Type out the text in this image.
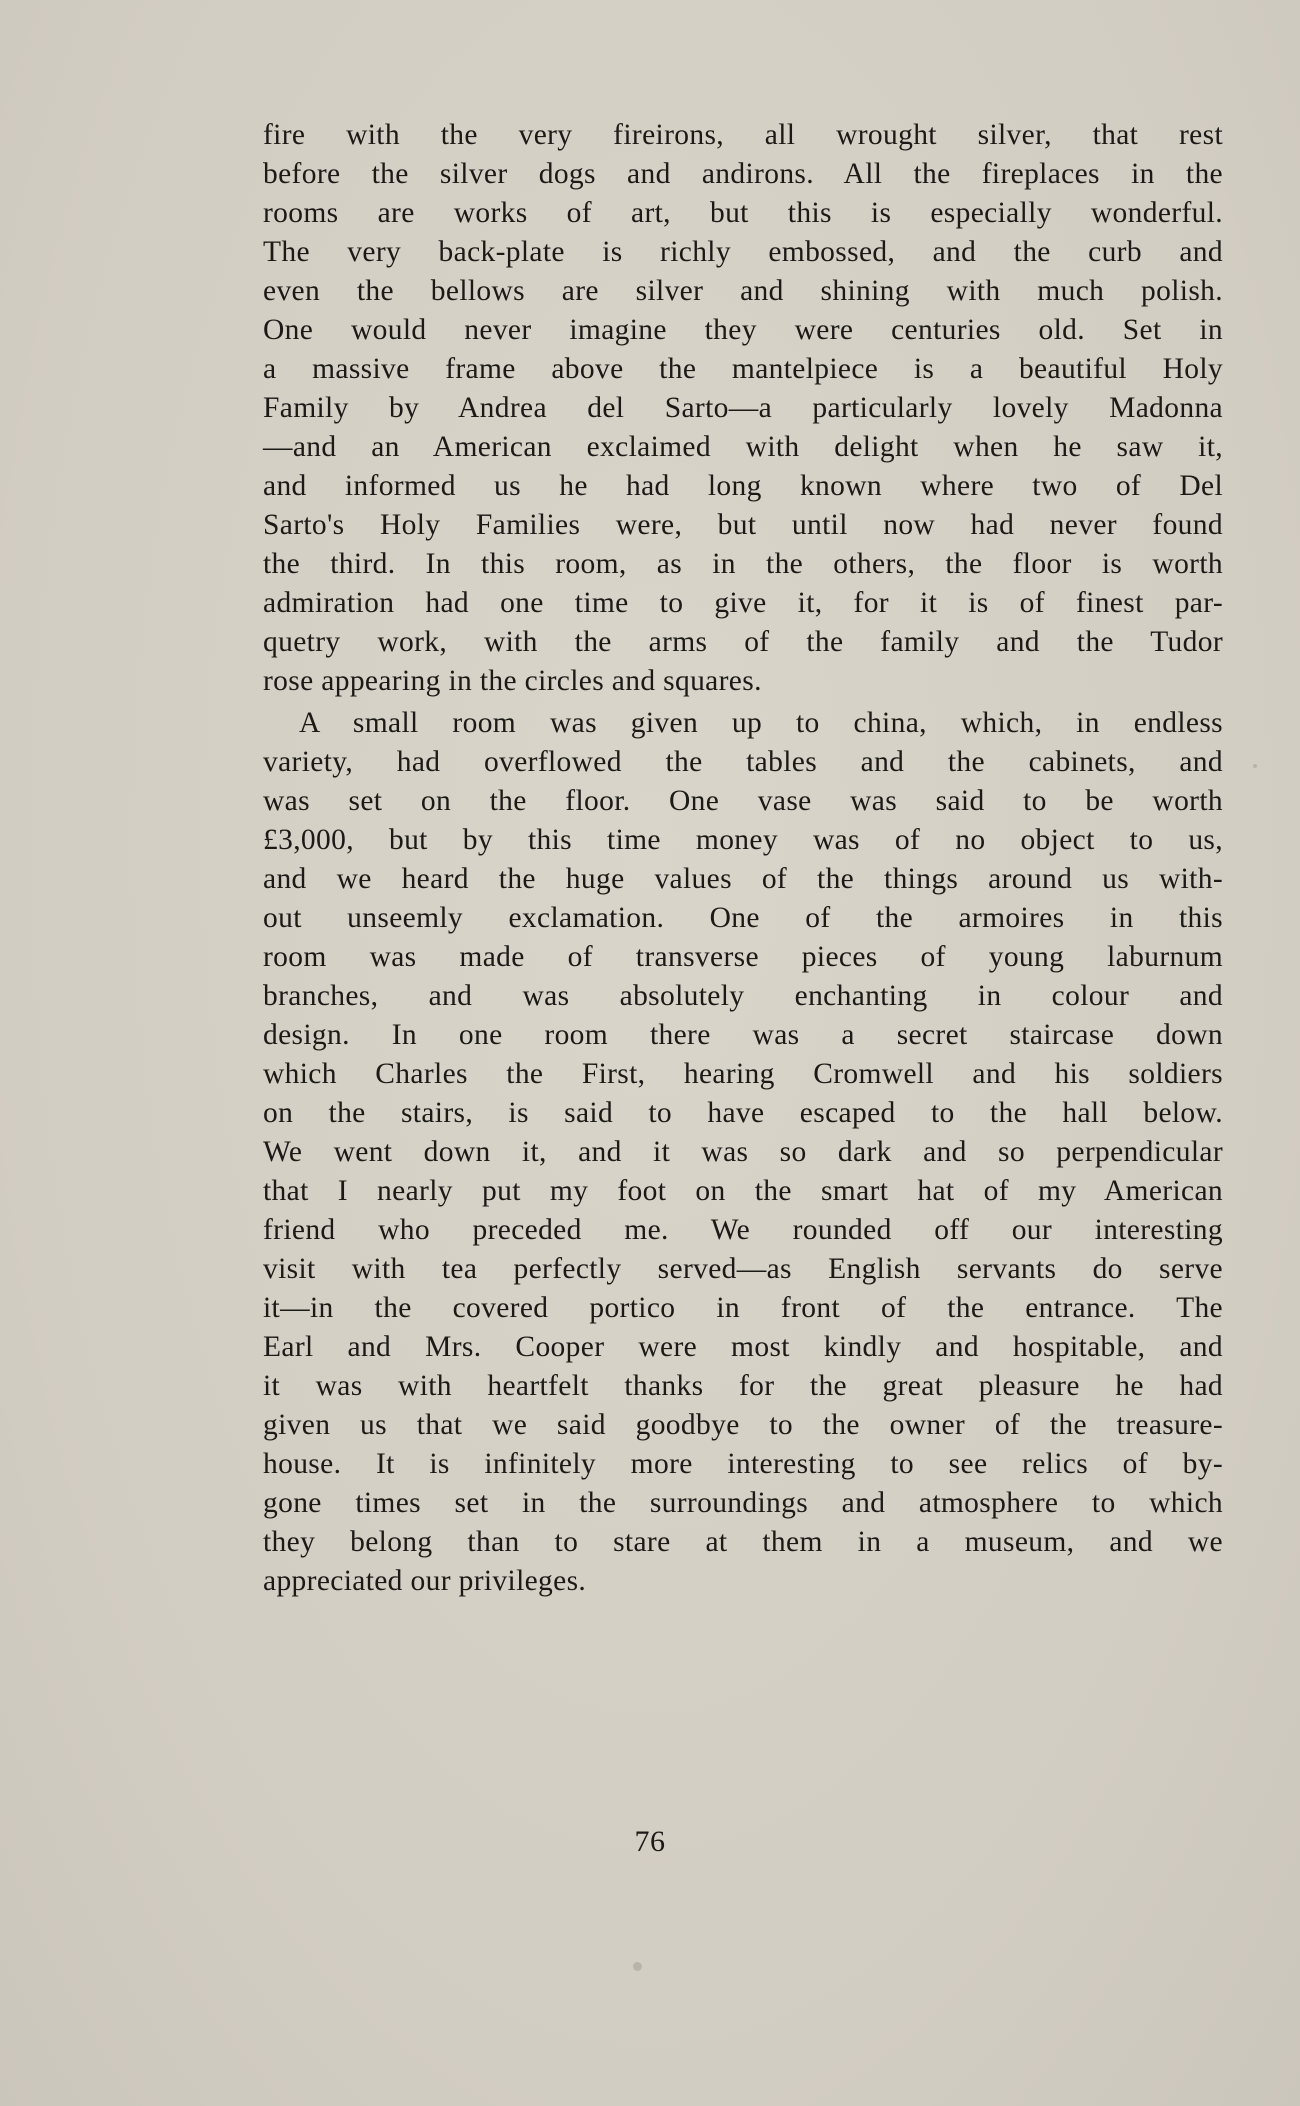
fire with the very fireirons, all wrought silver, that rest
before the silver dogs and andirons. All the fireplaces in the
rooms are works of art, but this is especially wonderful.
The very back-plate is richly embossed, and the curb and
even the bellows are silver and shining with much polish.
One would never imagine they were centuries old. Set in
a massive frame above the mantelpiece is a beautiful Holy
Family by Andrea del Sarto—a particularly lovely Madonna
—and an American exclaimed with delight when he saw it,
and informed us he had long known where two of Del
Sarto's Holy Families were, but until now had never found
the third. In this room, as in the others, the floor is worth
admiration had one time to give it, for it is of finest par-
quetry work, with the arms of the family and the Tudor
rose appearing in the circles and squares.
A small room was given up to china, which, in endless
variety, had overflowed the tables and the cabinets, and
was set on the floor. One vase was said to be worth
£3,000, but by this time money was of no object to us,
and we heard the huge values of the things around us with-
out unseemly exclamation. One of the armoires in this
room was made of transverse pieces of young laburnum
branches, and was absolutely enchanting in colour and
design. In one room there was a secret staircase down
which Charles the First, hearing Cromwell and his soldiers
on the stairs, is said to have escaped to the hall below.
We went down it, and it was so dark and so perpendicular
that I nearly put my foot on the smart hat of my American
friend who preceded me. We rounded off our interesting
visit with tea perfectly served—as English servants do serve
it—in the covered portico in front of the entrance. The
Earl and Mrs. Cooper were most kindly and hospitable, and
it was with heartfelt thanks for the great pleasure he had
given us that we said goodbye to the owner of the treasure-
house. It is infinitely more interesting to see relics of by-
gone times set in the surroundings and atmosphere to which
they belong than to stare at them in a museum, and we
appreciated our privileges.
76
